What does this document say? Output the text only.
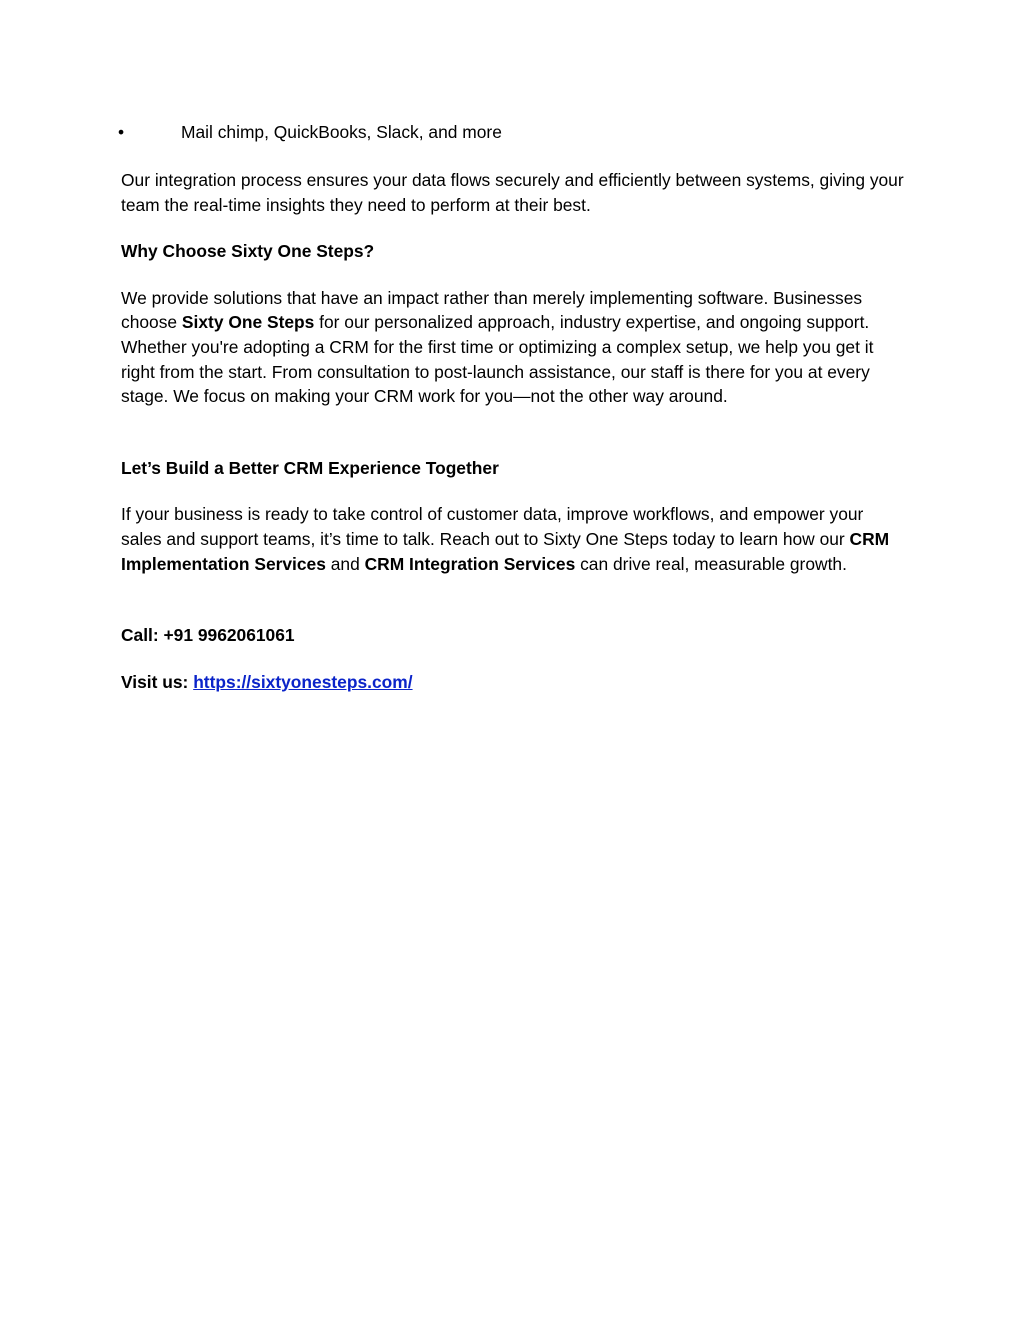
•	Mail chimp, QuickBooks, Slack, and more

Our integration process ensures your data flows securely and efficiently between systems, giving your team the real-time insights they need to perform at their best.

Why Choose Sixty One Steps?

We provide solutions that have an impact rather than merely implementing software. Businesses choose Sixty One Steps for our personalized approach, industry expertise, and ongoing support. Whether you're adopting a CRM for the first time or optimizing a complex setup, we help you get it right from the start. From consultation to post-launch assistance, our staff is there for you at every stage. We focus on making your CRM work for you—not the other way around.

Let’s Build a Better CRM Experience Together

If your business is ready to take control of customer data, improve workflows, and empower your sales and support teams, it’s time to talk. Reach out to Sixty One Steps today to learn how our CRM Implementation Services and CRM Integration Services can drive real, measurable growth.

Call: +91 9962061061

Visit us: https://sixtyonesteps.com/
